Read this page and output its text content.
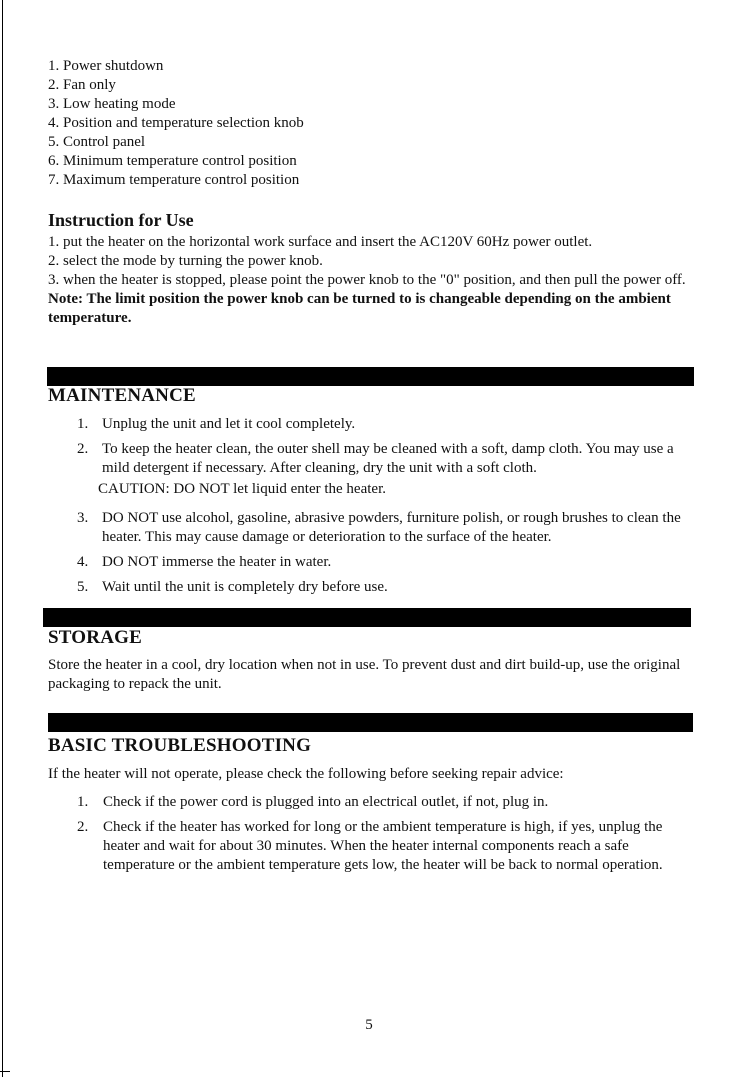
1. Power shutdown
2. Fan only
3. Low heating mode
4. Position and temperature selection knob
5. Control panel
6. Minimum temperature control position
7. Maximum temperature control position
Instruction for Use
1. put the heater on the horizontal work surface and insert the AC120V 60Hz power outlet.
2. select the mode by turning the power knob.
3. when the heater is stopped, please point the power knob to the "0" position, and then pull the power off.
Note: The limit position the power knob can be turned to is changeable depending on the ambient temperature.
MAINTENANCE
1. Unplug the unit and let it cool completely.
2. To keep the heater clean, the outer shell may be cleaned with a soft, damp cloth. You may use a mild detergent if necessary. After cleaning, dry the unit with a soft cloth.
3. DO NOT use alcohol, gasoline, abrasive powders, furniture polish, or rough brushes to clean the heater. This may cause damage or deterioration to the surface of the heater.
4. DO NOT immerse the heater in water.
5. Wait until the unit is completely dry before use.

CAUTION: DO NOT let liquid enter the heater.

STORAGE

Store the heater in a cool, dry location when not in use. To prevent dust and dirt build-up, use the original packaging to repack the unit.

BASIC TROUBLESHOOTING

If the heater will not operate, please check the following before seeking repair advice:

1. Check if the power cord is plugged into an electrical outlet, if not, plug in.
2. Check if the heater has worked for long or the ambient temperature is high, if yes, unplug the heater and wait for about 30 minutes. When the heater internal components reach a safe temperature or the ambient temperature gets low, the heater will be back to normal operation.

5
